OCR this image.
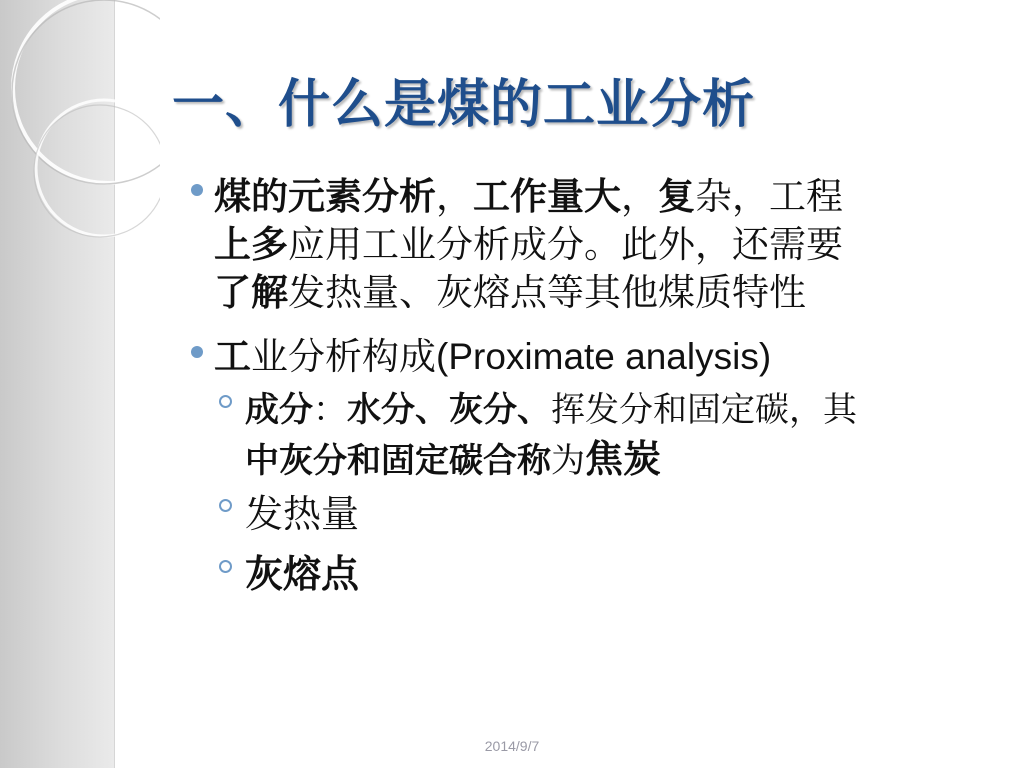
一、什么是煤的工业分析
煤的元素分析，工作量大，复杂，工程
上多应用工业分析成分。此外，还需要
了解发热量、灰熔点等其他煤质特性
工业分析构成(Proximate analysis)
成分：水分、灰分、挥发分和固定碳，其
中灰分和固定碳合称为焦炭
发热量
灰熔点
2014/9/7
